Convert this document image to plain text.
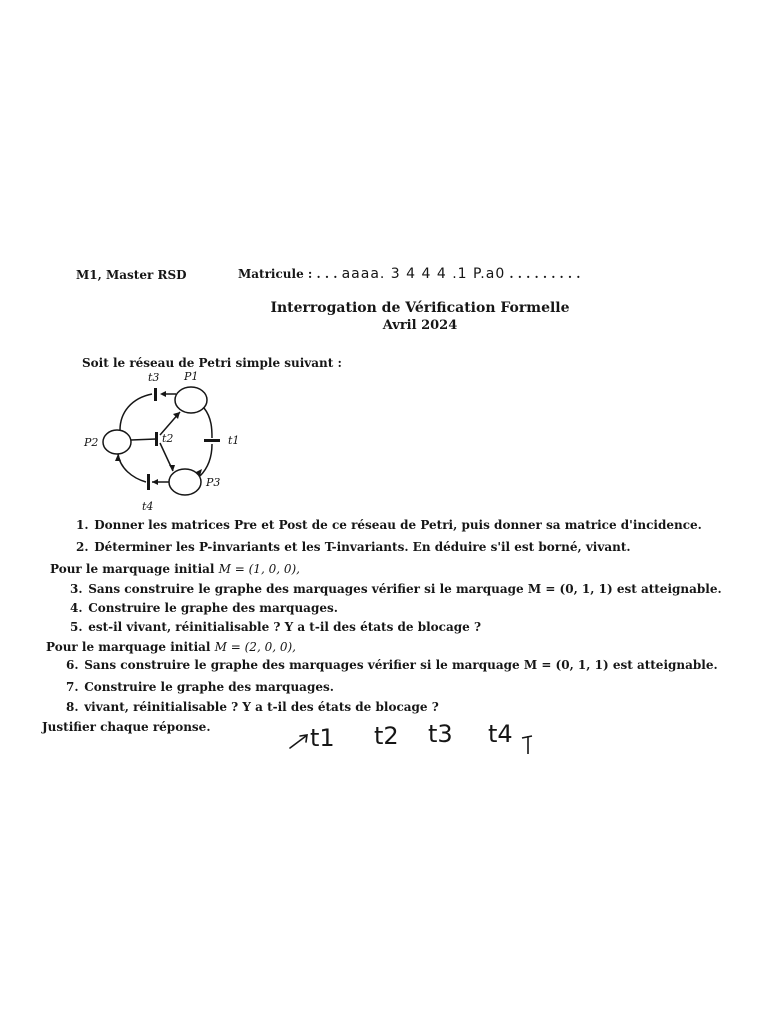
M1, Master RSD	Matricule : . . . aaaa. 3 4 4 4 .1 P.a0 . . . . . . . . .
Interrogation de Vérification Formelle
Avril 2024
Soit le réseau de Petri simple suivant :
t3 P1
P2	t2	t1
P3
t4
1. Donner les matrices Pre et Post de ce réseau de Petri, puis donner sa matrice d'incidence.
2. Déterminer les P-invariants et les T-invariants. En déduire s'il est borné, vivant.
Pour le marquage initial M = (1, 0, 0),
3. Sans construire le graphe des marquages vérifier si le marquage M = (0, 1, 1) est atteignable.
4. Construire le graphe des marquages.
5. est-il vivant, réinitialisable ? Y a t-il des états de blocage ?
Pour le marquage initial M = (2, 0, 0),
6. Sans construire le graphe des marquages vérifier si le marquage M = (0, 1, 1) est atteignable.
7. Construire le graphe des marquages.
8. vivant, réinitialisable ? Y a t-il des états de blocage ?
Justifier chaque réponse.	t1 t2 t3 t4
